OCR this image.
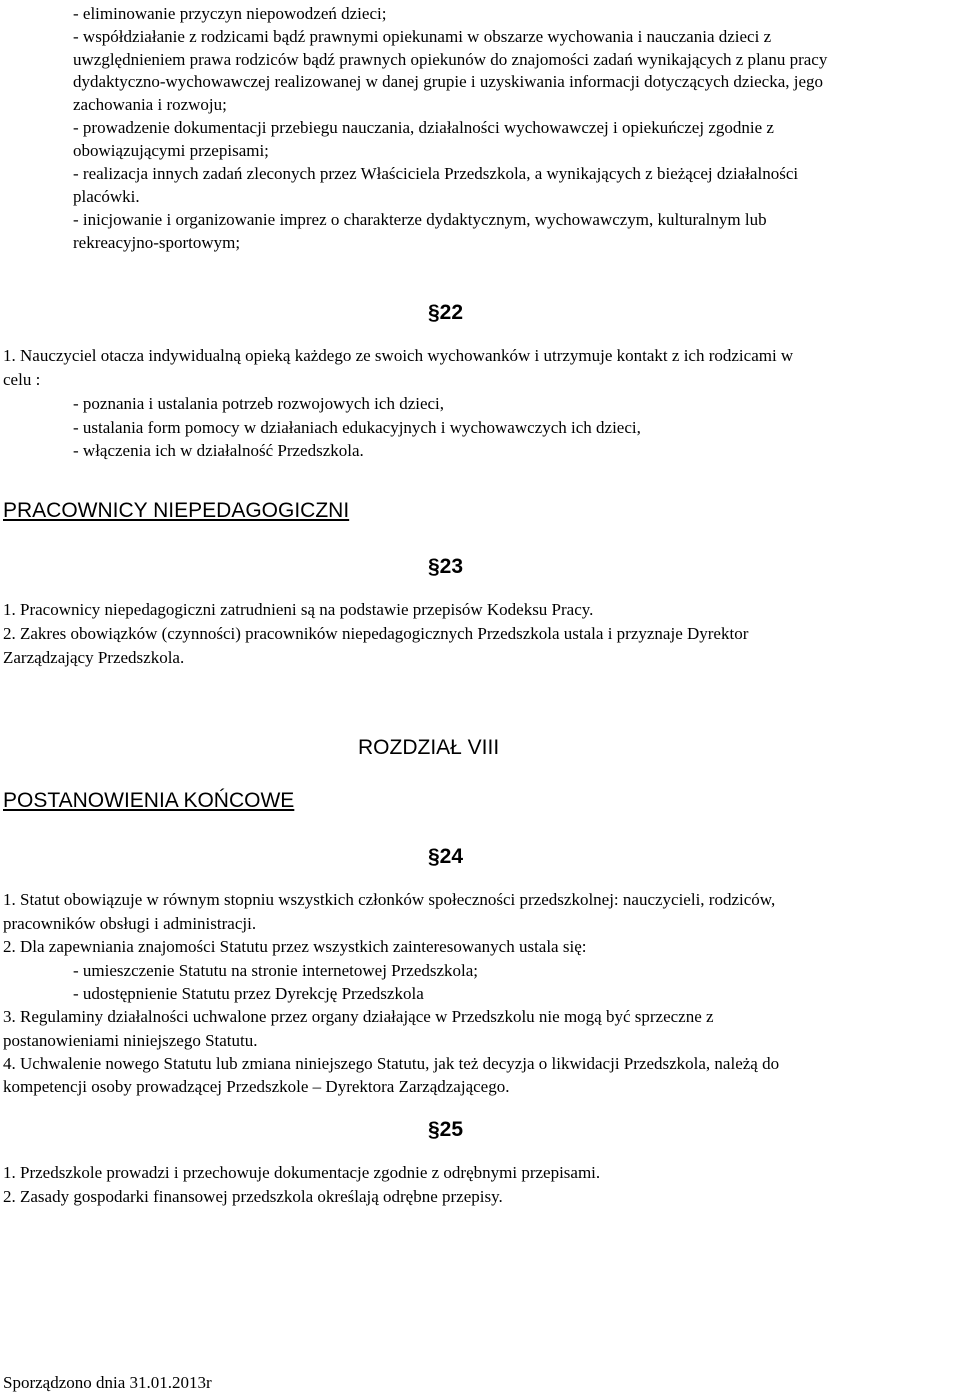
- eliminowanie przyczyn niepowodzeń dzieci;
- współdziałanie z rodzicami bądź prawnymi opiekunami w obszarze wychowania i nauczania dzieci z
uwzględnieniem prawa rodziców bądź prawnych opiekunów do znajomości zadań wynikających z planu pracy
dydaktyczno-wychowawczej realizowanej w danej grupie i uzyskiwania informacji dotyczących dziecka, jego
zachowania i rozwoju;
- prowadzenie dokumentacji przebiegu nauczania, działalności wychowawczej i opiekuńczej zgodnie z
obowiązującymi przepisami;
- realizacja innych zadań zleconych przez Właściciela Przedszkola, a wynikających z bieżącej działalności
placówki.
- inicjowanie i organizowanie imprez o charakterze dydaktycznym, wychowawczym, kulturalnym lub
rekreacyjno-sportowym;
§22
1. Nauczyciel otacza indywidualną opieką każdego ze swoich wychowanków i utrzymuje kontakt z ich rodzicami w
celu :
- poznania i ustalania potrzeb rozwojowych ich dzieci,
- ustalania form pomocy w działaniach edukacyjnych i wychowawczych ich dzieci,
- włączenia ich w działalność Przedszkola.
PRACOWNICY NIEPEDAGOGICZNI
§23
1. Pracownicy niepedagogiczni zatrudnieni są na podstawie przepisów Kodeksu Pracy.
2. Zakres obowiązków (czynności) pracowników niepedagogicznych Przedszkola ustala i przyznaje Dyrektor
Zarządzający Przedszkola.
ROZDZIAŁ VIII
POSTANOWIENIA KOŃCOWE
§24
1. Statut obowiązuje w równym stopniu wszystkich członków społeczności przedszkolnej: nauczycieli, rodziców,
pracowników obsługi i administracji.
2. Dla zapewniania znajomości Statutu przez wszystkich zainteresowanych ustala się:
- umieszczenie Statutu na stronie internetowej Przedszkola;
- udostępnienie Statutu przez Dyrekcję Przedszkola
3. Regulaminy działalności uchwalone przez organy działające w Przedszkolu nie mogą być sprzeczne z
postanowieniami niniejszego Statutu.
4. Uchwalenie nowego Statutu lub zmiana niniejszego Statutu, jak też decyzja o likwidacji Przedszkola, należą do
kompetencji osoby prowadzącej Przedszkole – Dyrektora Zarządzającego.
§25
1. Przedszkole prowadzi i przechowuje dokumentacje zgodnie z odrębnymi przepisami.
2. Zasady gospodarki finansowej przedszkola określają odrębne przepisy.
Sporządzono dnia 31.01.2013r
